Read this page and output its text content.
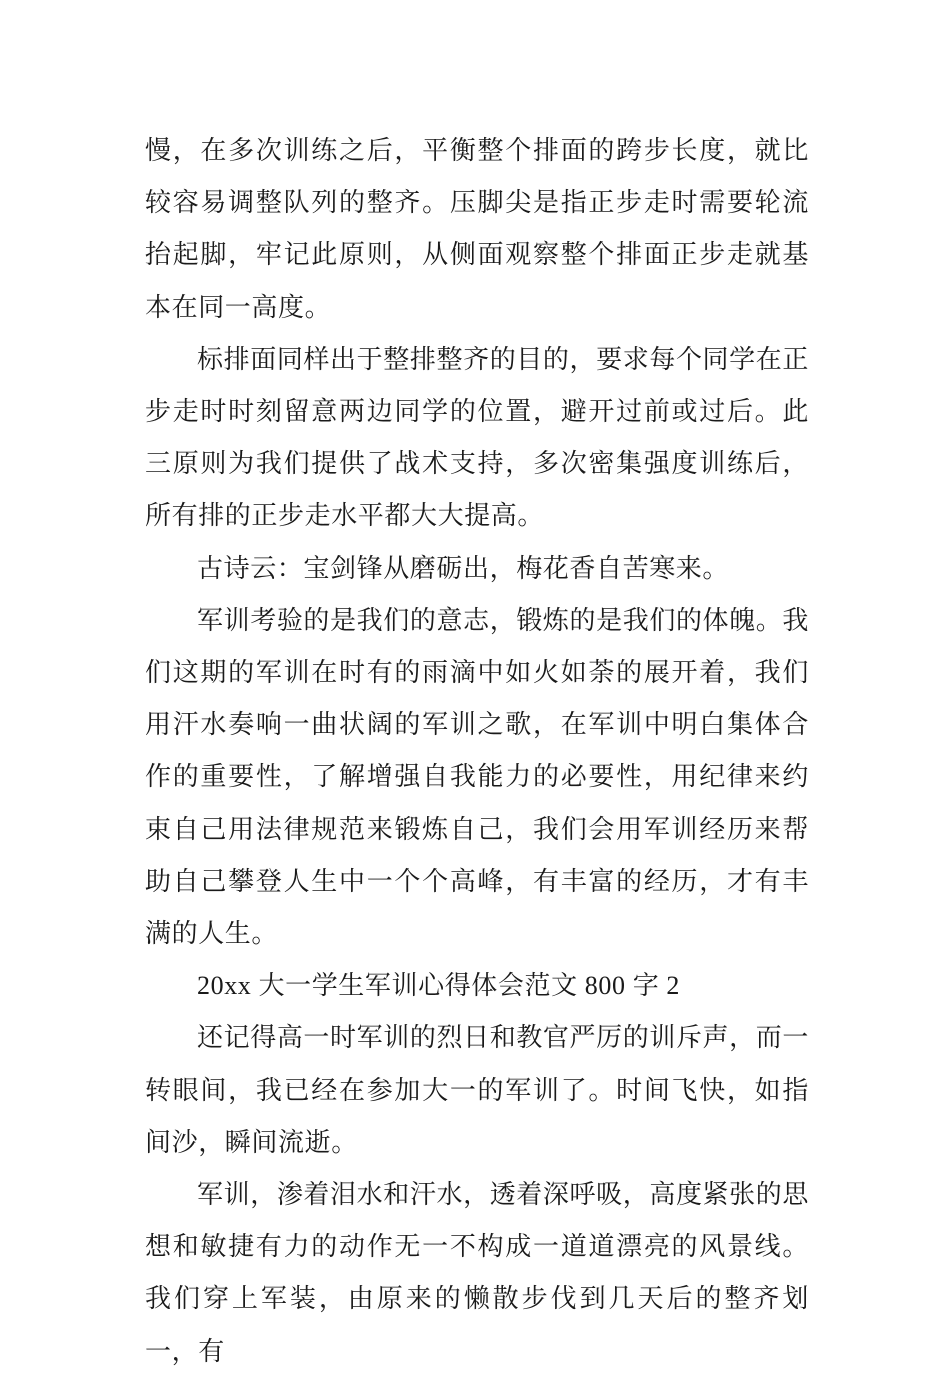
慢，在多次训练之后，平衡整个排面的跨步长度，就比较容易调整队列的整齐。压脚尖是指正步走时需要轮流抬起脚，牢记此原则，从侧面观察整个排面正步走就基本在同一高度。

标排面同样出于整排整齐的目的，要求每个同学在正步走时时刻留意两边同学的位置，避开过前或过后。此三原则为我们提供了战术支持，多次密集强度训练后，所有排的正步走水平都大大提高。

古诗云：宝剑锋从磨砺出，梅花香自苦寒来。

军训考验的是我们的意志，锻炼的是我们的体魄。我们这期的军训在时有的雨滴中如火如荼的展开着，我们用汗水奏响一曲状阔的军训之歌，在军训中明白集体合作的重要性，了解增强自我能力的必要性，用纪律来约束自己用法律规范来锻炼自己，我们会用军训经历来帮助自己攀登人生中一个个高峰，有丰富的经历，才有丰满的人生。

20xx 大一学生军训心得体会范文 800 字 2

还记得高一时军训的烈日和教官严厉的训斥声，而一转眼间，我已经在参加大一的军训了。时间飞快，如指间沙，瞬间流逝。

军训，渗着泪水和汗水，透着深呼吸，高度紧张的思想和敏捷有力的动作无一不构成一道道漂亮的风景线。我们穿上军装，由原来的懒散步伐到几天后的整齐划一，有
